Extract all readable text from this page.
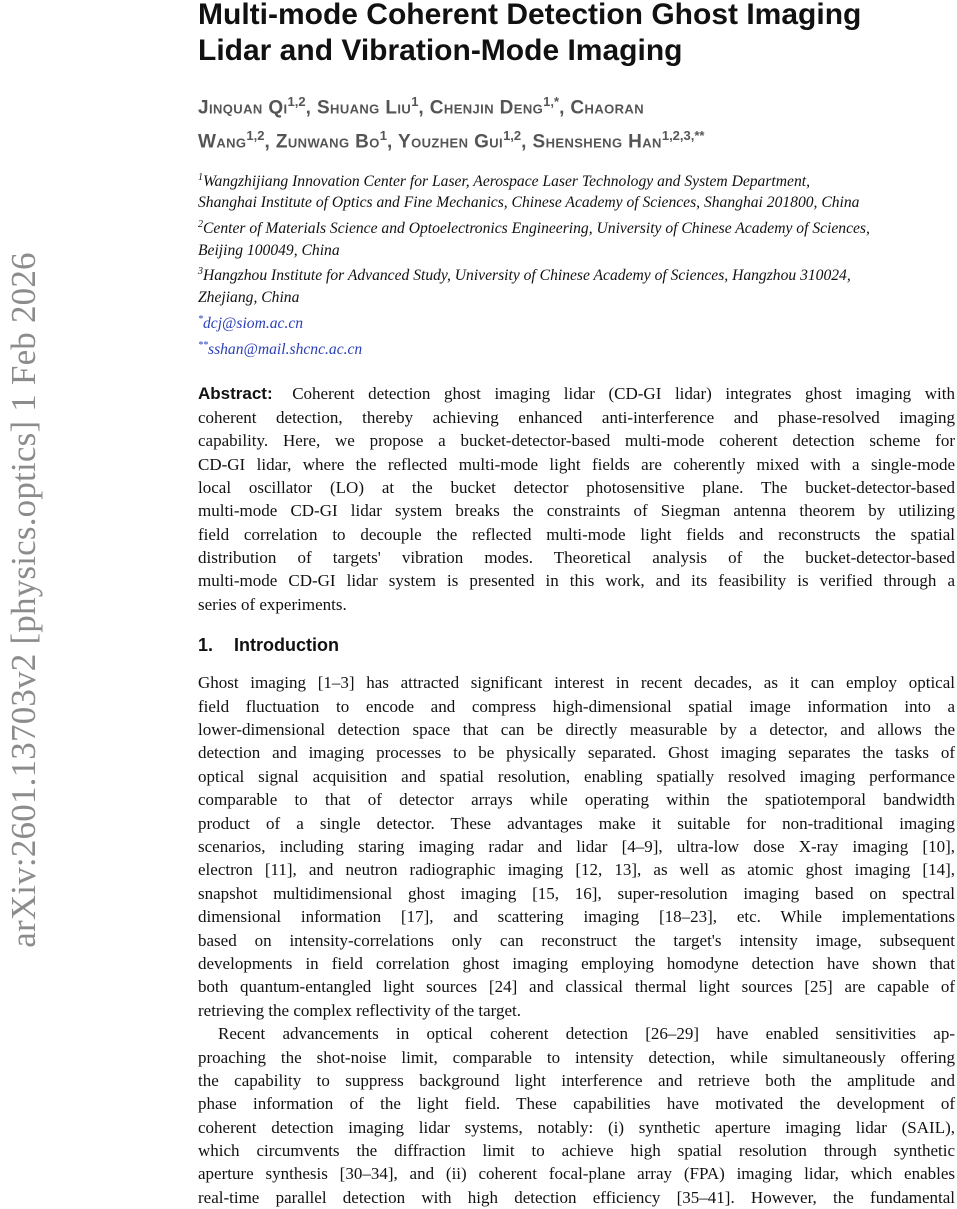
arXiv:2601.13703v2 [physics.optics] 1 Feb 2026
Multi-mode Coherent Detection Ghost Imaging
Lidar and Vibration-Mode Imaging
Jinquan Qi$^{1,2}$, Shuang Liu$^1$, Chenjin Deng$^{1,*}$, Chaoran
Wang$^{1,2}$, Zunwang Bo$^1$, Youzhen Gui$^{1,2}$, Shensheng Han$^{1,2,3,**}$
$^1$Wangzhijiang Innovation Center for Laser, Aerospace Laser Technology and System Department,
Shanghai Institute of Optics and Fine Mechanics, Chinese Academy of Sciences, Shanghai 201800, China
$^2$Center of Materials Science and Optoelectronics Engineering, University of Chinese Academy of Sciences,
Beijing 100049, China
$^3$Hangzhou Institute for Advanced Study, University of Chinese Academy of Sciences, Hangzhou 310024,
Zhejiang, China
*dcj@siom.ac.cn
**sshan@mail.shcnc.ac.cn
Abstract: Coherent detection ghost imaging lidar (CD-GI lidar) integrates ghost imaging with
coherent detection, thereby achieving enhanced anti-interference and phase-resolved imaging
capability. Here, we propose a bucket-detector-based multi-mode coherent detection scheme for
CD-GI lidar, where the reflected multi-mode light fields are coherently mixed with a single-mode
local oscillator (LO) at the bucket detector photosensitive plane. The bucket-detector-based
multi-mode CD-GI lidar system breaks the constraints of Siegman antenna theorem by utilizing
field correlation to decouple the reflected multi-mode light fields and reconstructs the spatial
distribution of targets' vibration modes. Theoretical analysis of the bucket-detector-based
multi-mode CD-GI lidar system is presented in this work, and its feasibility is verified through a
series of experiments.
1. Introduction
Ghost imaging [1–3] has attracted significant interest in recent decades, as it can employ optical
field fluctuation to encode and compress high-dimensional spatial image information into a
lower-dimensional detection space that can be directly measurable by a detector, and allows the
detection and imaging processes to be physically separated. Ghost imaging separates the tasks of
optical signal acquisition and spatial resolution, enabling spatially resolved imaging performance
comparable to that of detector arrays while operating within the spatiotemporal bandwidth
product of a single detector. These advantages make it suitable for non-traditional imaging
scenarios, including staring imaging radar and lidar [4–9], ultra-low dose X-ray imaging [10],
electron [11], and neutron radiographic imaging [12, 13], as well as atomic ghost imaging [14],
snapshot multidimensional ghost imaging [15, 16], super-resolution imaging based on spectral
dimensional information [17], and scattering imaging [18–23], etc. While implementations
based on intensity-correlations only can reconstruct the target's intensity image, subsequent
developments in field correlation ghost imaging employing homodyne detection have shown that
both quantum-entangled light sources [24] and classical thermal light sources [25] are capable of
retrieving the complex reflectivity of the target.
Recent advancements in optical coherent detection [26–29] have enabled sensitivities ap-
proaching the shot-noise limit, comparable to intensity detection, while simultaneously offering
the capability to suppress background light interference and retrieve both the amplitude and
phase information of the light field. These capabilities have motivated the development of
coherent detection imaging lidar systems, notably: (i) synthetic aperture imaging lidar (SAIL),
which circumvents the diffraction limit to achieve high spatial resolution through synthetic
aperture synthesis [30–34], and (ii) coherent focal-plane array (FPA) imaging lidar, which enables
real-time parallel detection with high detection efficiency [35–41]. However, the fundamental
